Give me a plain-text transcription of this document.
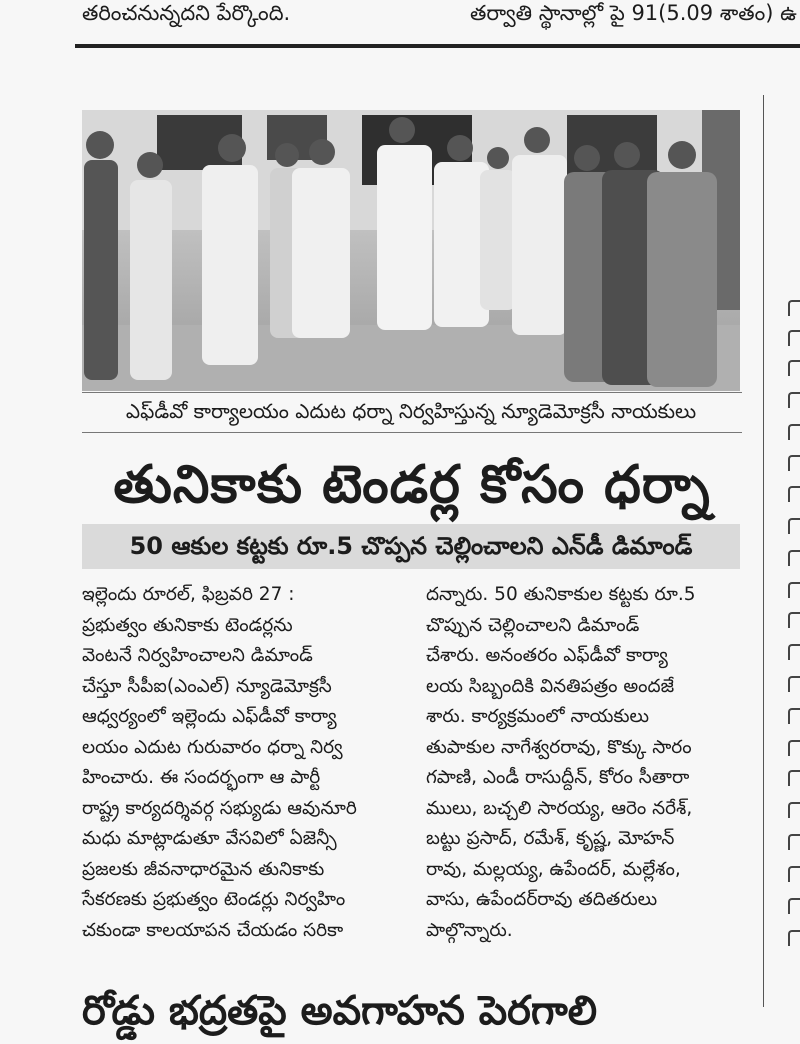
తరించనున్నదని పేర్కొంది.	తర్వాతి స్థానాల్లో పై 91(5.09 శాతం) ఉ
ఎఫ్‌డీవో కార్యాలయం ఎదుట ధర్నా నిర్వహిస్తున్న న్యూడెమోక్రసీ నాయకులు
తునికాకు టెండర్ల కోసం ధర్నా
50 ఆకుల కట్టకు రూ.5 చొప్పన చెల్లించాలని ఎన్‌డీ డిమాండ్
ఇల్లెందు రూరల్‌, ఫిబ్రవరి 27 :
ప్రభుత్వం తునికాకు టెండర్లను
వెంటనే నిర్వహించాలని డిమాండ్‌
చేస్తూ సీపీఐ(ఎంఎల్‌) న్యూడెమోక్రసీ
ఆధ్వర్యంలో ఇల్లెందు ఎఫ్‌డీవో కార్యా
లయం ఎదుట గురువారం ధర్నా నిర్వ
హించారు. ఈ సందర్భంగా ఆ పార్టీ
రాష్ట్ర కార్యదర్శివర్గ సభ్యుడు ఆవునూరి
మధు మాట్లాడుతూ వేసవిలో ఏజెన్సీ
ప్రజలకు జీవనాధారమైన తునికాకు
సేకరణకు ప్రభుత్వం టెండర్లు నిర్వహిం
చకుండా కాలయాపన చేయడం సరికా
దన్నారు. 50 తునికాకుల కట్టకు రూ.5
చొప్పున చెల్లించాలని డిమాండ్‌
చేశారు. అనంతరం ఎఫ్‌డీవో కార్యా
లయ సిబ్బందికి వినతిపత్రం అందజే
శారు. కార్యక్రమంలో నాయకులు
తుపాకుల నాగేశ్వరరావు, కొక్కు సారం
గపాణి, ఎండీ రాసుద్దీన్‌, కోరం సీతారా
ములు, బచ్చలి సారయ్య, ఆరెం నరేశ్‌,
బట్టు ప్రసాద్‌, రమేశ్‌, కృష్ణ, మోహన్‌
రావు, మల్లయ్య, ఉపేందర్‌, మల్లేశం,
వాసు, ఉపేందర్‌రావు తదితరులు
పాల్గొన్నారు.
రోడ్డు భద్రతపై అవగాహన పెరగాలి
